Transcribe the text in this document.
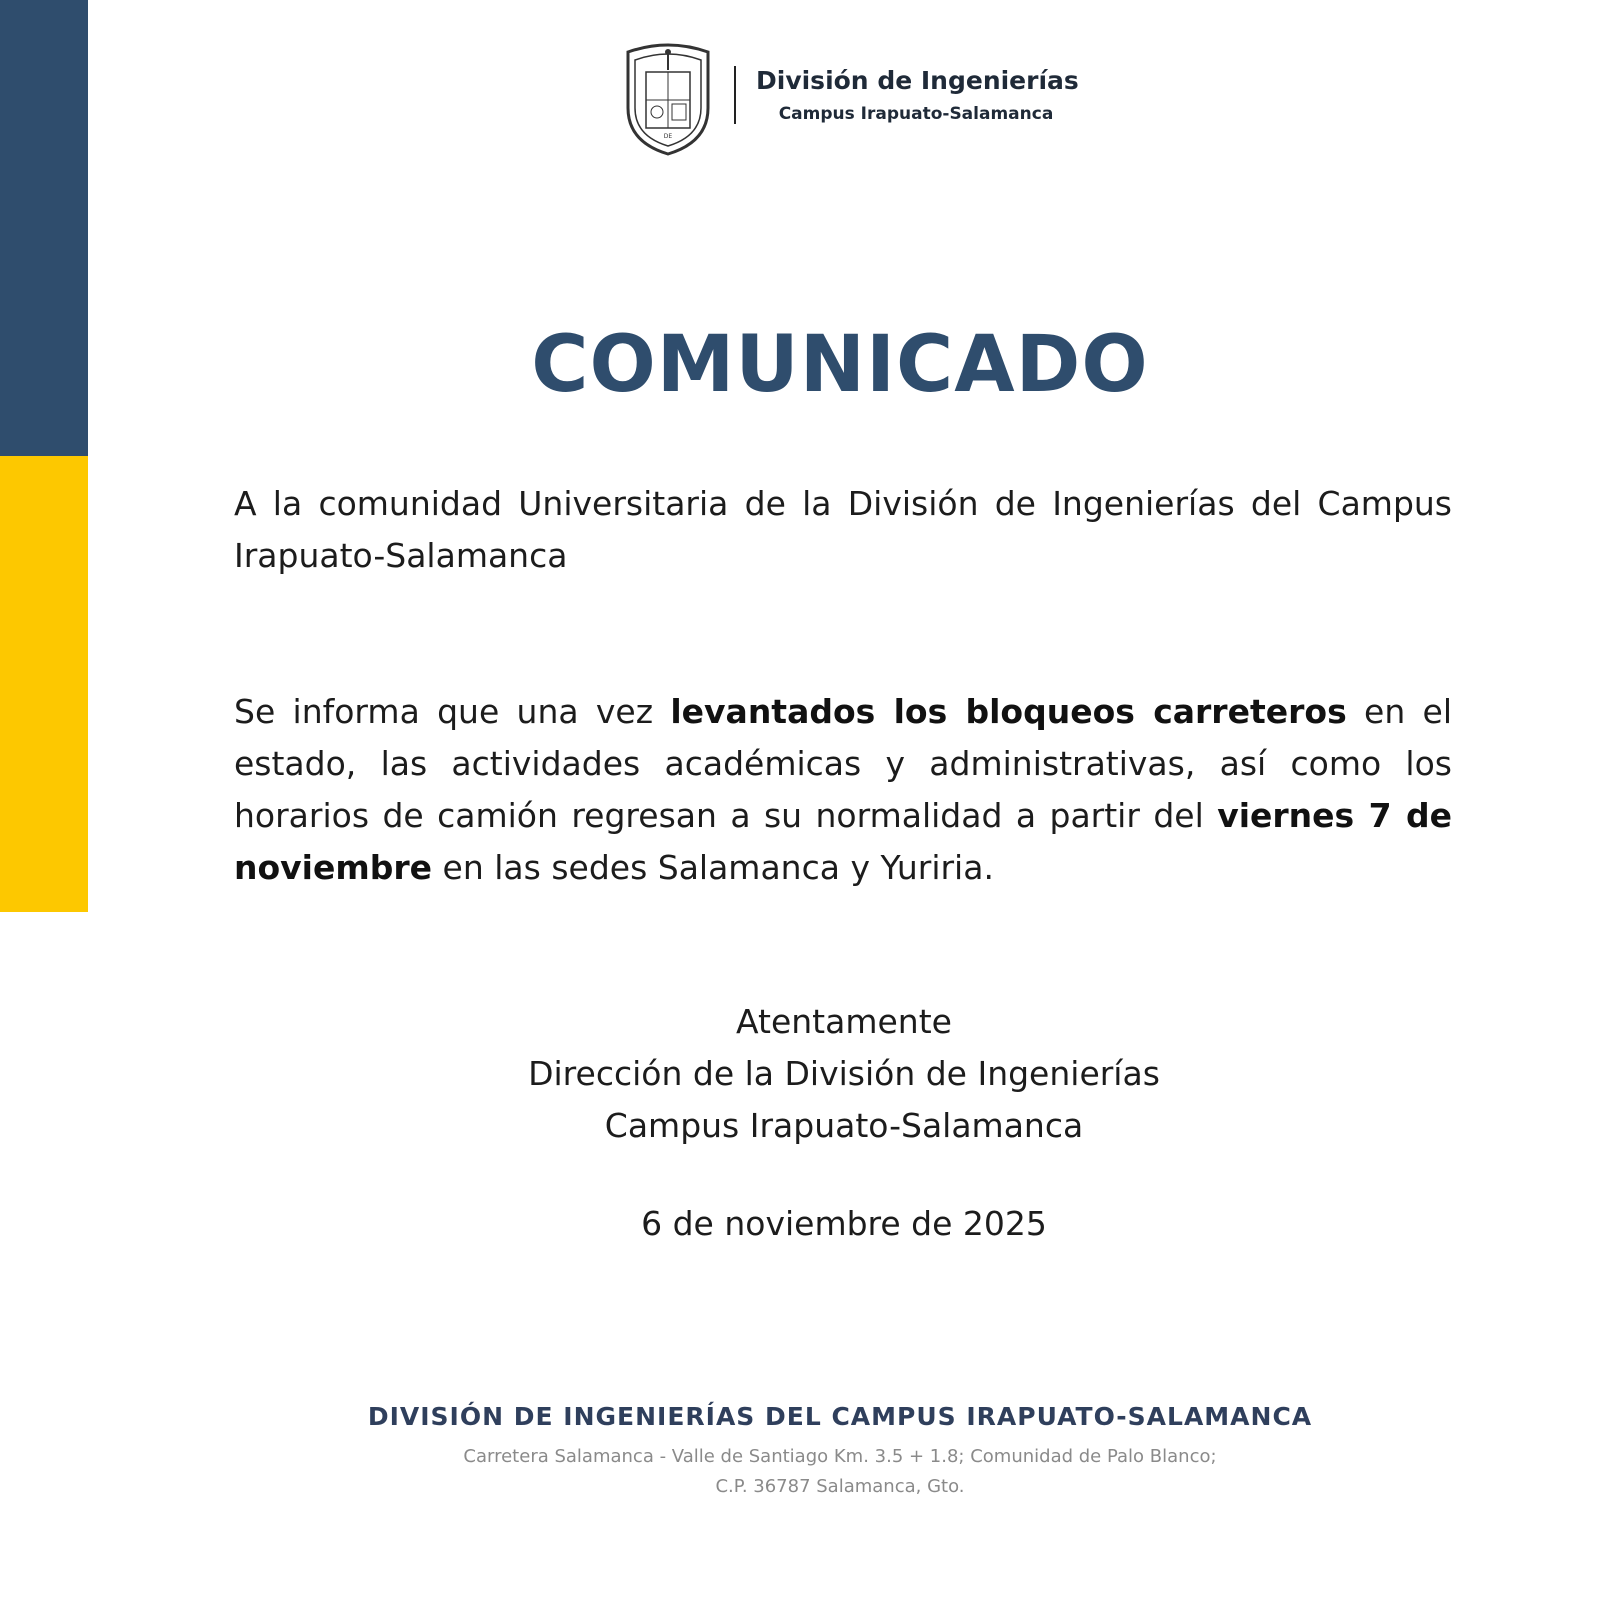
DE
División de Ingenierías
Campus Irapuato-Salamanca
COMUNICADO
A la comunidad Universitaria de la División de Ingenierías del Campus Irapuato-Salamanca
Se informa que una vez levantados los bloqueos carreteros en el estado, las actividades académicas y administrativas, así como los horarios de camión regresan a su normalidad a partir del viernes 7 de noviembre en las sedes Salamanca y Yuriria.
Atentamente
Dirección de la División de Ingenierías
Campus Irapuato-Salamanca
6 de noviembre de 2025
DIVISIÓN DE INGENIERÍAS DEL CAMPUS IRAPUATO-SALAMANCA
Carretera Salamanca - Valle de Santiago Km. 3.5 + 1.8; Comunidad de Palo Blanco;
C.P. 36787 Salamanca, Gto.
